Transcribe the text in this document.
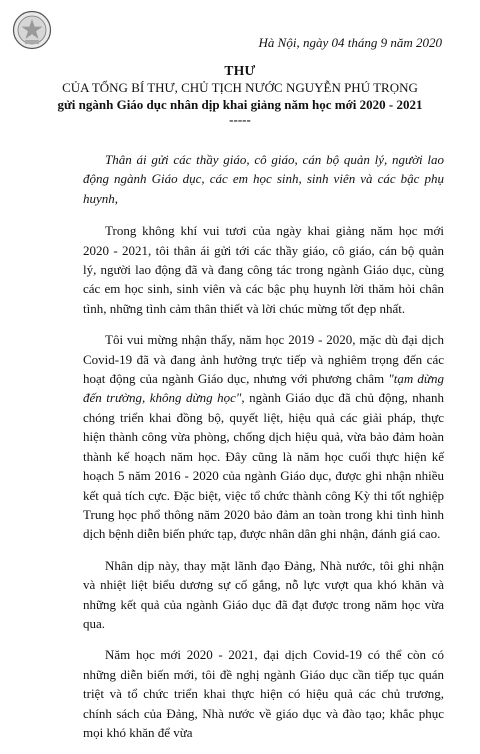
Hà Nội, ngày 04 tháng 9 năm 2020
THƯ
CỦA TỔNG BÍ THƯ, CHỦ TỊCH NƯỚC NGUYỄN PHÚ TRỌNG
gửi ngành Giáo dục nhân dịp khai giảng năm học mới 2020 - 2021
-----

Thân ái gửi các thầy giáo, cô giáo, cán bộ quản lý, người lao động ngành Giáo dục, các em học sinh, sinh viên và các bậc phụ huynh,

Trong không khí vui tươi của ngày khai giảng năm học mới 2020 - 2021, tôi thân ái gửi tới các thầy giáo, cô giáo, cán bộ quản lý, người lao động đã và đang công tác trong ngành Giáo dục, cùng các em học sinh, sinh viên và các bậc phụ huynh lời thăm hỏi chân tình, những tình cảm thân thiết và lời chúc mừng tốt đẹp nhất.

Tôi vui mừng nhận thấy, năm học 2019 - 2020, mặc dù đại dịch Covid-19 đã và đang ảnh hưởng trực tiếp và nghiêm trọng đến các hoạt động của ngành Giáo dục, nhưng với phương châm "tạm dừng đến trường, không dừng học", ngành Giáo dục đã chủ động, nhanh chóng triển khai đồng bộ, quyết liệt, hiệu quả các giải pháp, thực hiện thành công vừa phòng, chống dịch hiệu quả, vừa bảo đảm hoàn thành kế hoạch năm học. Đây cũng là năm học cuối thực hiện kế hoạch 5 năm 2016 - 2020 của ngành Giáo dục, được ghi nhận nhiều kết quả tích cực. Đặc biệt, việc tổ chức thành công Kỳ thi tốt nghiệp Trung học phổ thông năm 2020 bảo đảm an toàn trong khi tình hình dịch bệnh diễn biến phức tạp, được nhân dân ghi nhận, đánh giá cao.

Nhân dịp này, thay mặt lãnh đạo Đảng, Nhà nước, tôi ghi nhận và nhiệt liệt biểu dương sự cố gắng, nỗ lực vượt qua khó khăn và những kết quả của ngành Giáo dục đã đạt được trong năm học vừa qua.

Năm học mới 2020 - 2021, đại dịch Covid-19 có thể còn có những diễn biến mới, tôi đề nghị ngành Giáo dục cần tiếp tục quán triệt và tổ chức triển khai thực hiện có hiệu quả các chủ trương, chính sách của Đảng, Nhà nước về giáo dục và đào tạo; khắc phục mọi khó khăn để vừa
